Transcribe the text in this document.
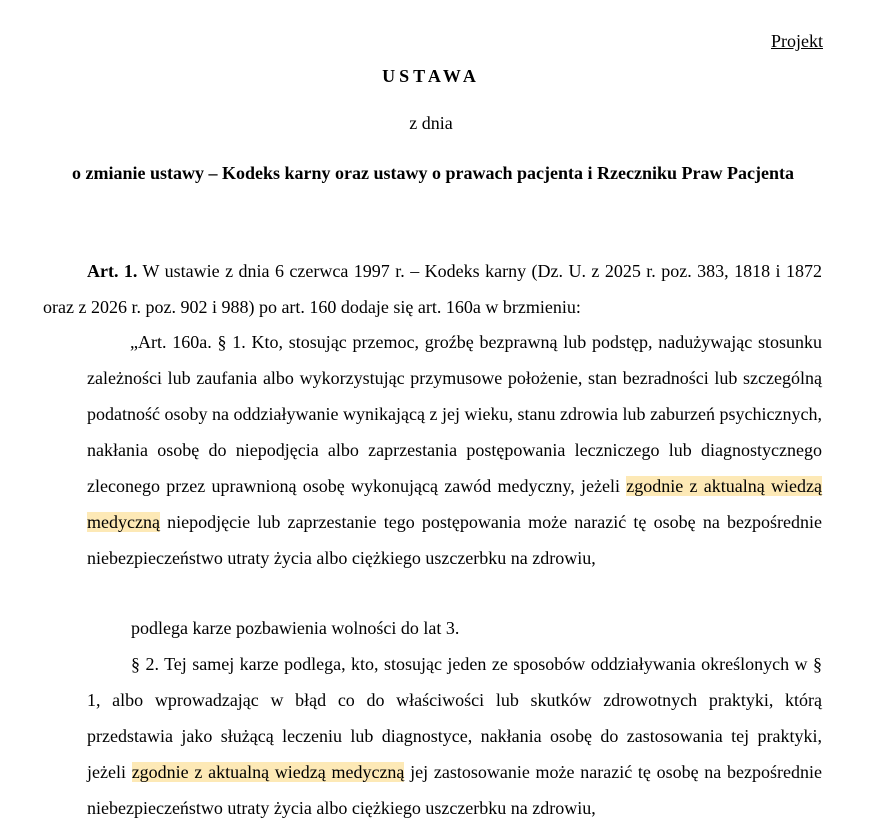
Projekt
USTAWA
z dnia
o zmianie ustawy – Kodeks karny oraz ustawy o prawach pacjenta i Rzeczniku Praw Pacjenta
Art. 1. W ustawie z dnia 6 czerwca 1997 r. – Kodeks karny (Dz. U. z 2025 r. poz. 383, 1818 i 1872 oraz z 2026 r. poz. 902 i 988) po art. 160 dodaje się art. 160a w brzmieniu:
„Art. 160a. § 1. Kto, stosując przemoc, groźbę bezprawną lub podstęp, nadużywając stosunku zależności lub zaufania albo wykorzystując przymusowe położenie, stan bezradności lub szczególną podatność osoby na oddziaływanie wynikającą z jej wieku, stanu zdrowia lub zaburzeń psychicznych, nakłania osobę do niepodjęcia albo zaprzestania postępowania leczniczego lub diagnostycznego zleconego przez uprawnioną osobę wykonującą zawód medyczny, jeżeli zgodnie z aktualną wiedzą medyczną niepodjęcie lub zaprzestanie tego postępowania może narazić tę osobę na bezpośrednie niebezpieczeństwo utraty życia albo ciężkiego uszczerbku na zdrowiu,
podlega karze pozbawienia wolności do lat 3.
§ 2. Tej samej karze podlega, kto, stosując jeden ze sposobów oddziaływania określonych w § 1, albo wprowadzając w błąd co do właściwości lub skutków zdrowotnych praktyki, którą przedstawia jako służącą leczeniu lub diagnostyce, nakłania osobę do zastosowania tej praktyki, jeżeli zgodnie z aktualną wiedzą medyczną jej zastosowanie może narazić tę osobę na bezpośrednie niebezpieczeństwo utraty życia albo ciężkiego uszczerbku na zdrowiu,
